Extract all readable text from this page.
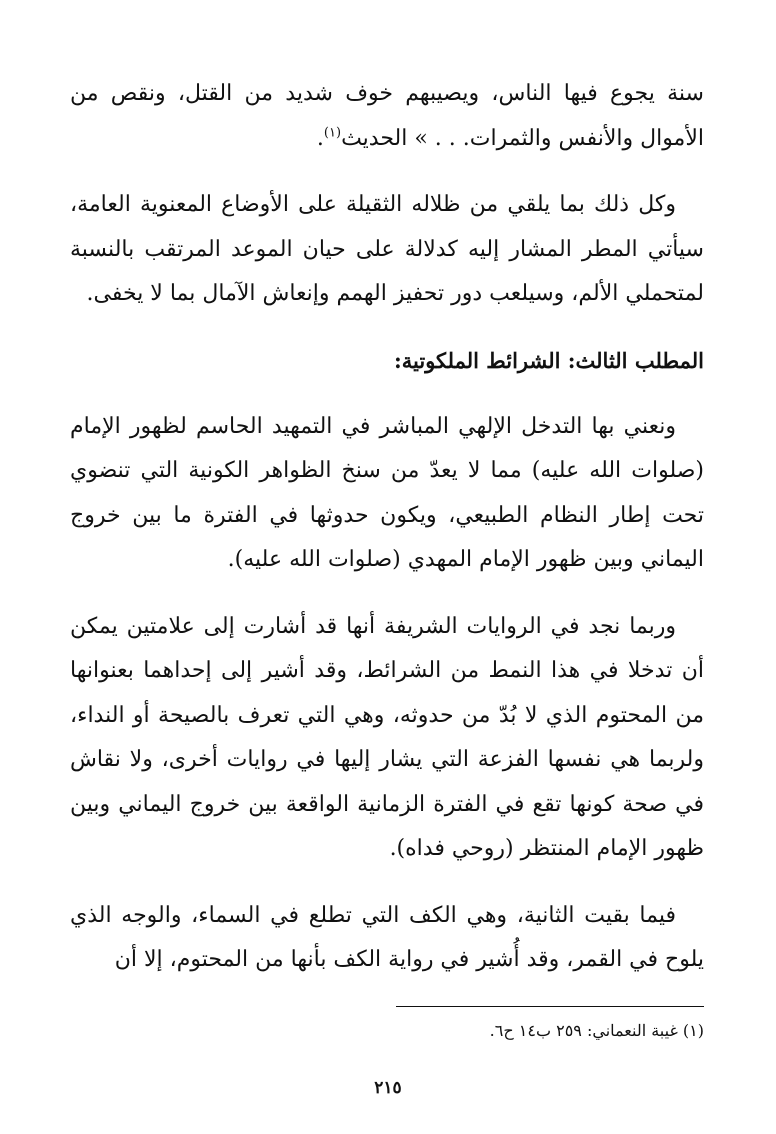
سنة يجوع فيها الناس، ويصيبهم خوف شديد من القتل، ونقص من الأموال والأنفس والثمرات. . . » الحديث$^{(١)}$.

وكل ذلك بما يلقي من ظلاله الثقيلة على الأوضاع المعنوية العامة، سيأتي المطر المشار إليه كدلالة على حيان الموعد المرتقب بالنسبة لمتحملي الألم، وسيلعب دور تحفيز الهمم وإنعاش الآمال بما لا يخفى.

المطلب الثالث: الشرائط الملكوتية:

ونعني بها التدخل الإلهي المباشر في التمهيد الحاسم لظهور الإمام (صلوات الله عليه) مما لا يعدّ من سنخ الظواهر الكونية التي تنضوي تحت إطار النظام الطبيعي، ويكون حدوثها في الفترة ما بين خروج اليماني وبين ظهور الإمام المهدي (صلوات الله عليه).

وربما نجد في الروايات الشريفة أنها قد أشارت إلى علامتين يمكن أن تدخلا في هذا النمط من الشرائط، وقد أشير إلى إحداهما بعنوانها من المحتوم الذي لا بُدّ من حدوثه، وهي التي تعرف بالصيحة أو النداء، ولربما هي نفسها الفزعة التي يشار إليها في روايات أخرى، ولا نقاش في صحة كونها تقع في الفترة الزمانية الواقعة بين خروج اليماني وبين ظهور الإمام المنتظر (روحي فداه).

فيما بقيت الثانية، وهي الكف التي تطلع في السماء، والوجه الذي يلوح في القمر، وقد أُشير في رواية الكف بأنها من المحتوم، إلا أن

(١) غيبة النعماني: ٢٥٩ ب١٤ ح٦.
٢١٥
